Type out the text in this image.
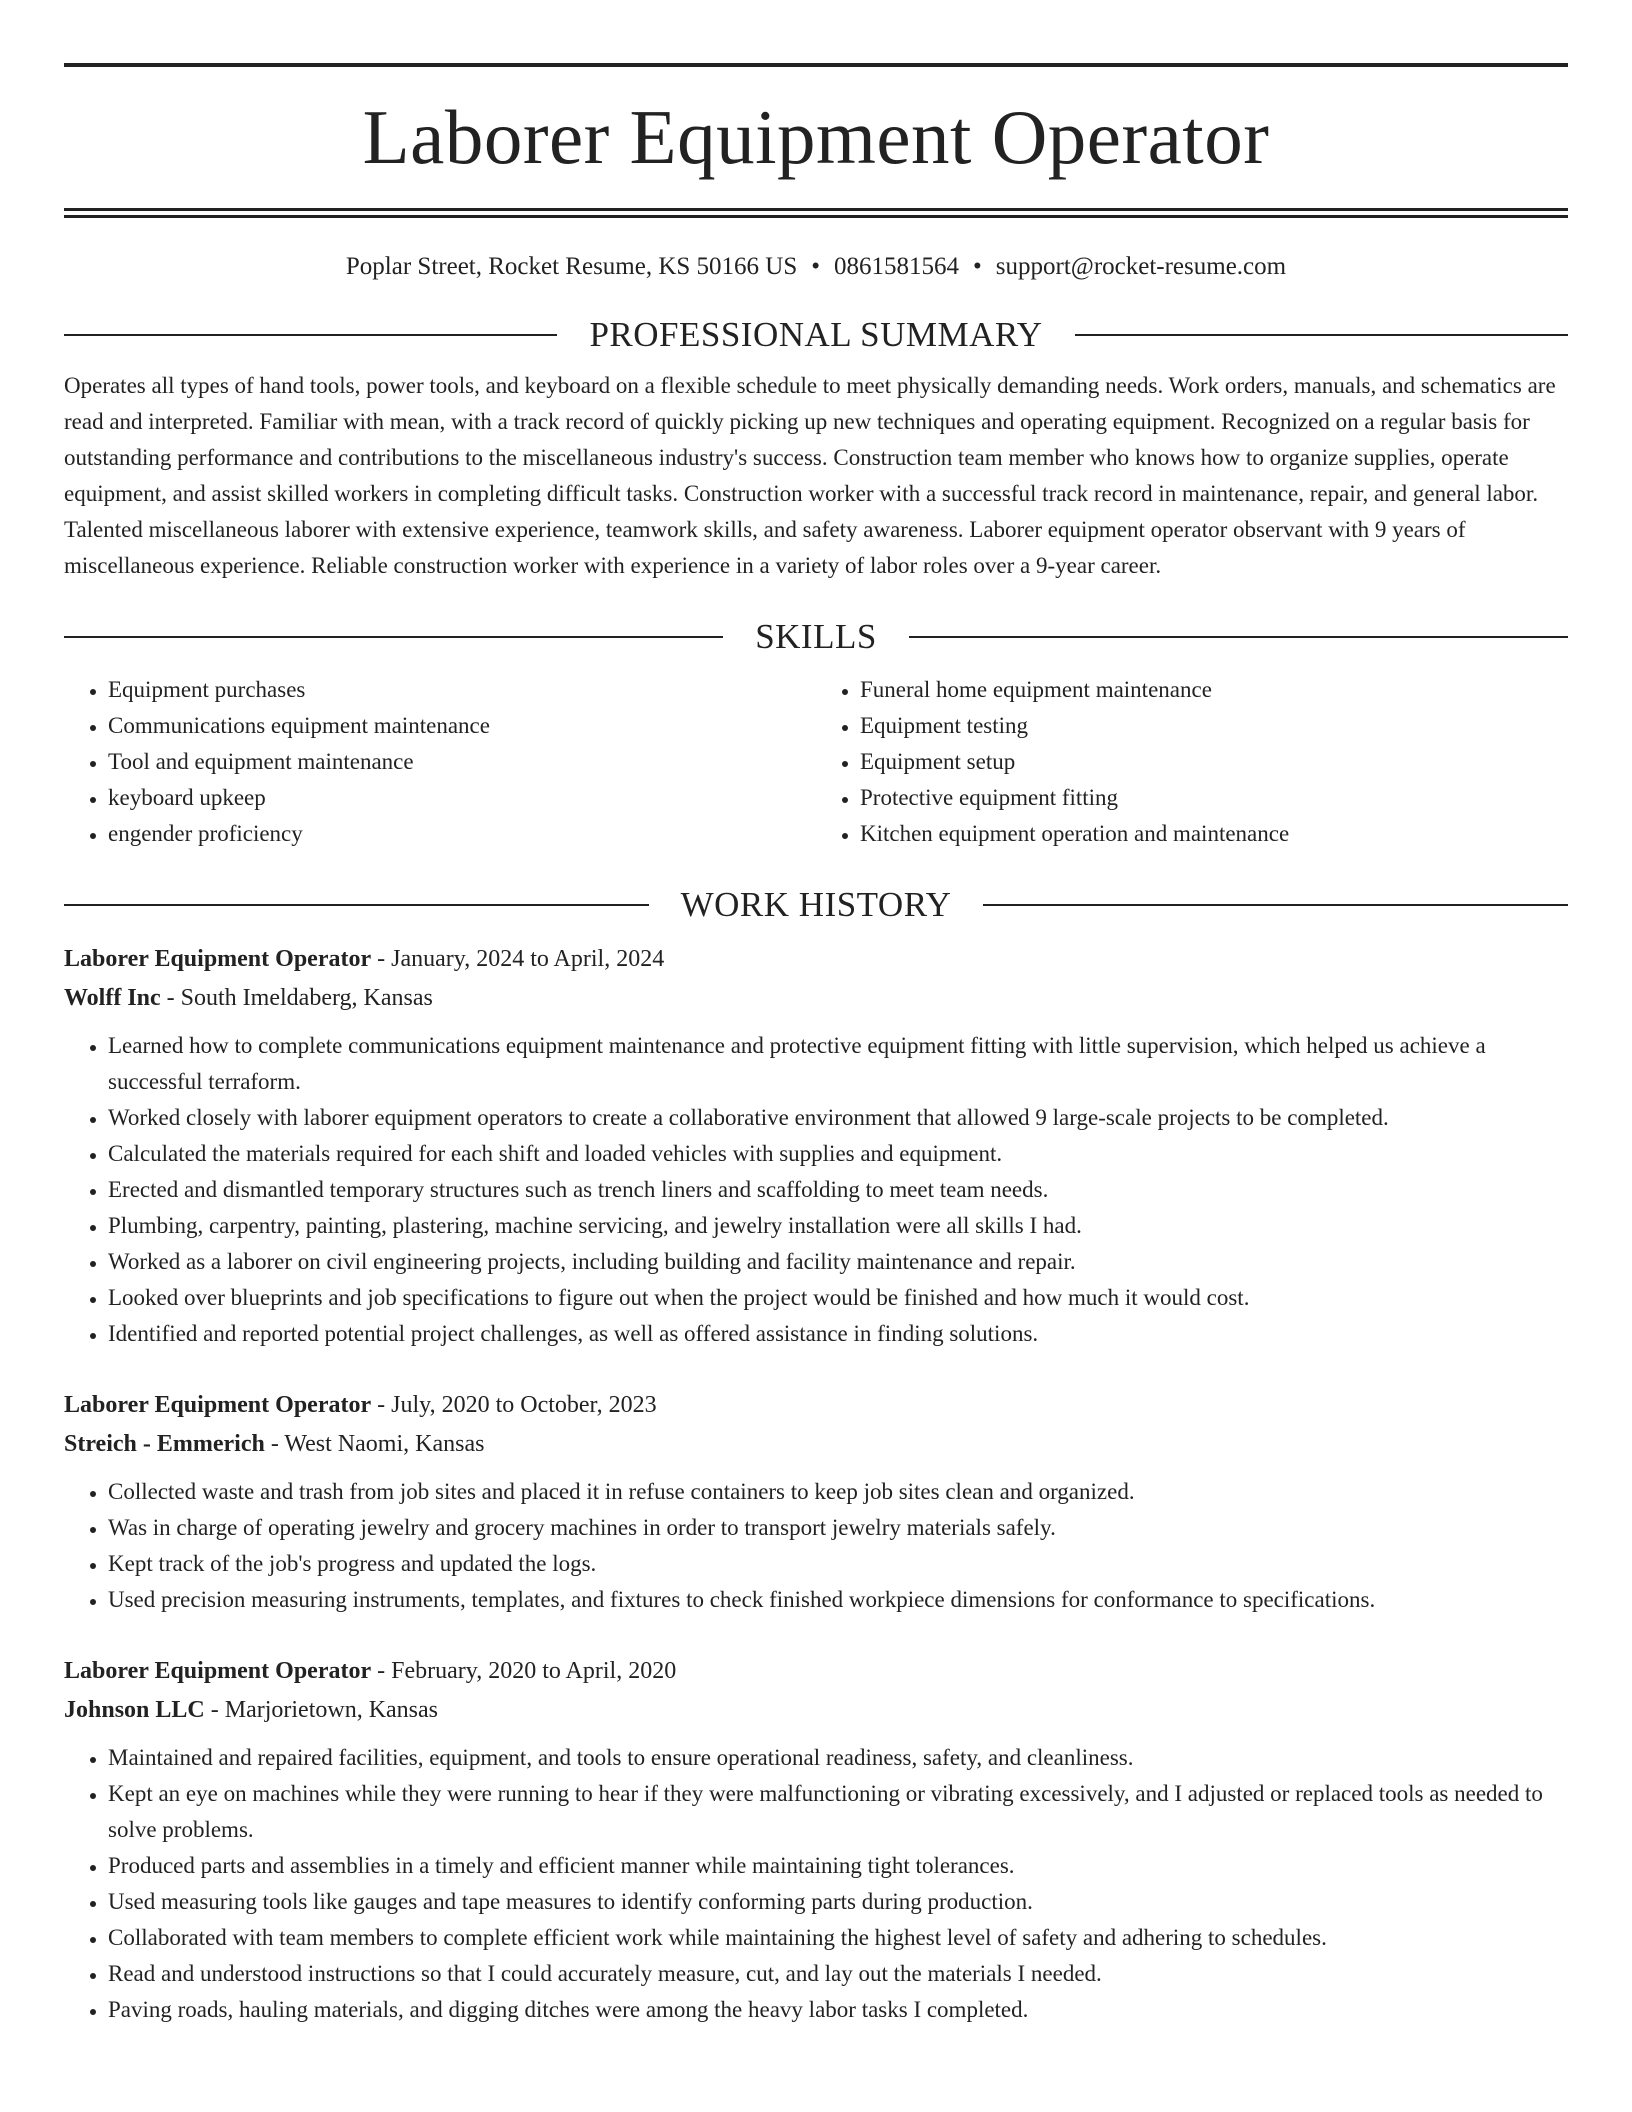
Laborer Equipment Operator
Poplar Street, Rocket Resume, KS 50166 US • 0861581564 • support@rocket-resume.com
PROFESSIONAL SUMMARY
Operates all types of hand tools, power tools, and keyboard on a flexible schedule to meet physically demanding needs. Work orders, manuals, and schematics are read and interpreted. Familiar with mean, with a track record of quickly picking up new techniques and operating equipment. Recognized on a regular basis for outstanding performance and contributions to the miscellaneous industry's success. Construction team member who knows how to organize supplies, operate equipment, and assist skilled workers in completing difficult tasks. Construction worker with a successful track record in maintenance, repair, and general labor. Talented miscellaneous laborer with extensive experience, teamwork skills, and safety awareness. Laborer equipment operator observant with 9 years of miscellaneous experience. Reliable construction worker with experience in a variety of labor roles over a 9-year career.
SKILLS
• Equipment purchases
• Communications equipment maintenance
• Tool and equipment maintenance
• keyboard upkeep
• engender proficiency
• Funeral home equipment maintenance
• Equipment testing
• Equipment setup
• Protective equipment fitting
• Kitchen equipment operation and maintenance
WORK HISTORY
Laborer Equipment Operator - January, 2024 to April, 2024
Wolff Inc - South Imeldaberg, Kansas
• Learned how to complete communications equipment maintenance and protective equipment fitting with little supervision, which helped us achieve a successful terraform.
• Worked closely with laborer equipment operators to create a collaborative environment that allowed 9 large-scale projects to be completed.
• Calculated the materials required for each shift and loaded vehicles with supplies and equipment.
• Erected and dismantled temporary structures such as trench liners and scaffolding to meet team needs.
• Plumbing, carpentry, painting, plastering, machine servicing, and jewelry installation were all skills I had.
• Worked as a laborer on civil engineering projects, including building and facility maintenance and repair.
• Looked over blueprints and job specifications to figure out when the project would be finished and how much it would cost.
• Identified and reported potential project challenges, as well as offered assistance in finding solutions.
Laborer Equipment Operator - July, 2020 to October, 2023
Streich - Emmerich - West Naomi, Kansas
• Collected waste and trash from job sites and placed it in refuse containers to keep job sites clean and organized.
• Was in charge of operating jewelry and grocery machines in order to transport jewelry materials safely.
• Kept track of the job's progress and updated the logs.
• Used precision measuring instruments, templates, and fixtures to check finished workpiece dimensions for conformance to specifications.
Laborer Equipment Operator - February, 2020 to April, 2020
Johnson LLC - Marjorietown, Kansas
• Maintained and repaired facilities, equipment, and tools to ensure operational readiness, safety, and cleanliness.
• Kept an eye on machines while they were running to hear if they were malfunctioning or vibrating excessively, and I adjusted or replaced tools as needed to solve problems.
• Produced parts and assemblies in a timely and efficient manner while maintaining tight tolerances.
• Used measuring tools like gauges and tape measures to identify conforming parts during production.
• Collaborated with team members to complete efficient work while maintaining the highest level of safety and adhering to schedules.
• Read and understood instructions so that I could accurately measure, cut, and lay out the materials I needed.
• Paving roads, hauling materials, and digging ditches were among the heavy labor tasks I completed.
